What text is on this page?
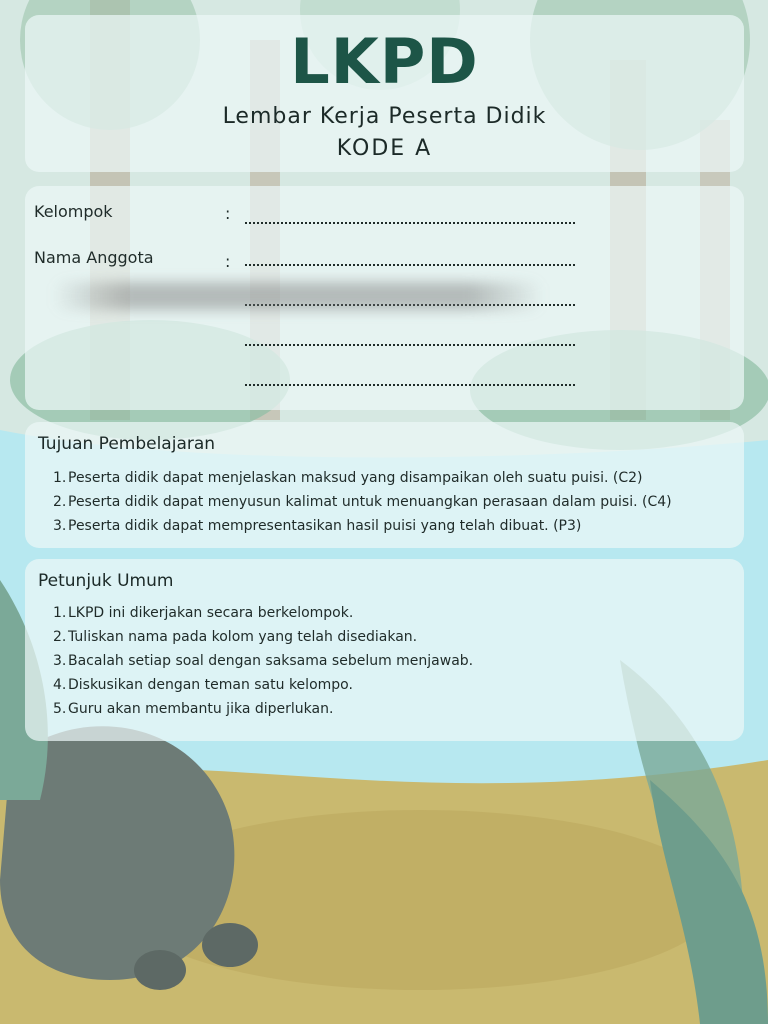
LKPD
Lembar Kerja Peserta Didik
KODE A
Kelompok	:
Nama Anggota	:
Tujuan Pembelajaran
1. Peserta didik dapat menjelaskan maksud yang disampaikan oleh suatu puisi. (C2)
2. Peserta didik dapat menyusun kalimat untuk menuangkan perasaan dalam puisi. (C4)
3. Peserta didik dapat mempresentasikan hasil puisi yang telah dibuat. (P3)
Petunjuk Umum
1. LKPD ini dikerjakan secara berkelompok.
2. Tuliskan nama pada kolom yang telah disediakan.
3. Bacalah setiap soal dengan saksama sebelum menjawab.
4. Diskusikan dengan teman satu kelompo.
5. Guru akan membantu jika diperlukan.
